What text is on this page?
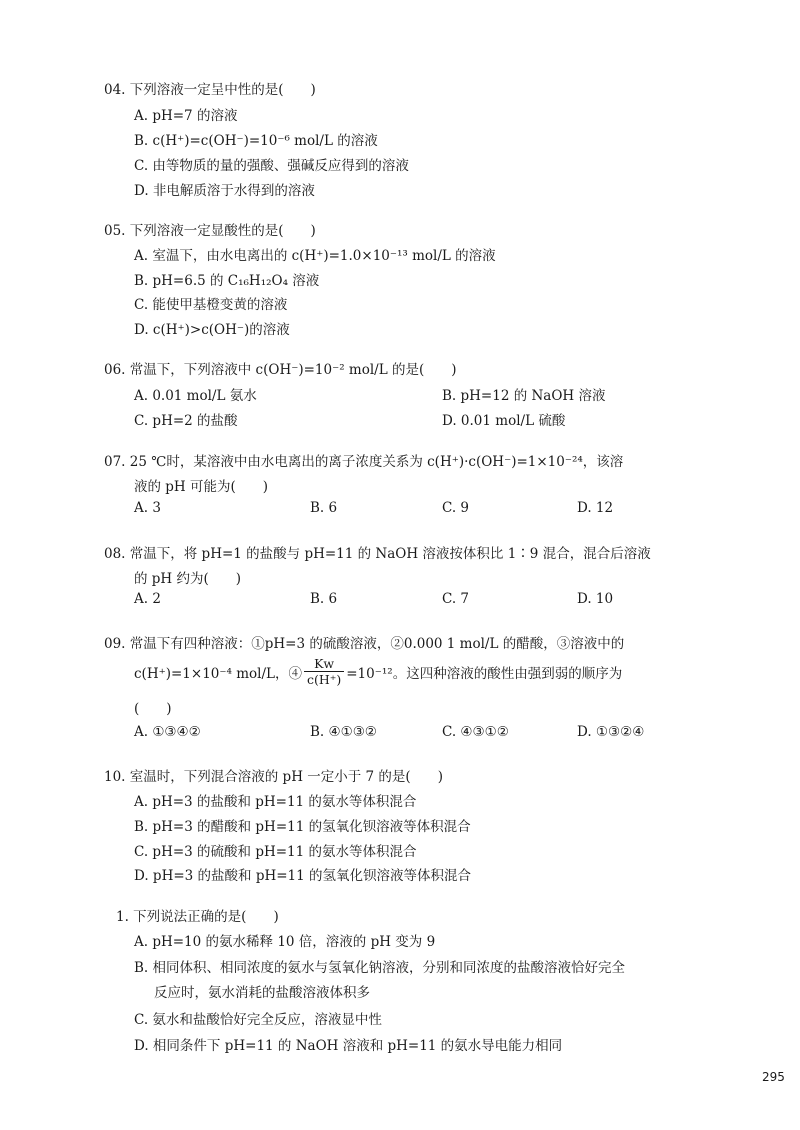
04. 下列溶液一定呈中性的是(　　)
A. pH=7 的溶液
B. c(H⁺)=c(OH⁻)=10⁻⁶ mol/L 的溶液
C. 由等物质的量的强酸、强碱反应得到的溶液
D. 非电解质溶于水得到的溶液
05. 下列溶液一定显酸性的是(　　)
A. 室温下，由水电离出的 c(H⁺)=1.0×10⁻¹³ mol/L 的溶液
B. pH=6.5 的 C₁₆H₁₂O₄ 溶液
C. 能使甲基橙变黄的溶液
D. c(H⁺)>c(OH⁻)的溶液
06. 常温下，下列溶液中 c(OH⁻)=10⁻² mol/L 的是(　　)
A. 0.01 mol/L 氨水	B. pH=12 的 NaOH 溶液
C. pH=2 的盐酸	D. 0.01 mol/L 硫酸
07. 25 ℃时，某溶液中由水电离出的离子浓度关系为 c(H⁺)·c(OH⁻)=1×10⁻²⁴，该溶
液的 pH 可能为(　　)
A. 3	B. 6	C. 9	D. 12
08. 常温下，将 pH=1 的盐酸与 pH=11 的 NaOH 溶液按体积比 1∶9 混合，混合后溶液
的 pH 约为(　　)
A. 2	B. 6	C. 7	D. 10
09. 常温下有四种溶液：①pH=3 的硫酸溶液，②0.000 1 mol/L 的醋酸，③溶液中的
c(H⁺)=1×10⁻⁴ mol/L，④ $\frac{Kw}{c(H^+)} =10^{-12}$。这四种溶液的酸性由强到弱的顺序为
(　　)
A. ①③④②	B. ④①③②	C. ④③①②	D. ①③②④
10. 室温时，下列混合溶液的 pH 一定小于 7 的是(　　)
A. pH=3 的盐酸和 pH=11 的氨水等体积混合
B. pH=3 的醋酸和 pH=11 的氢氧化钡溶液等体积混合
C. pH=3 的硫酸和 pH=11 的氨水等体积混合
D. pH=3 的盐酸和 pH=11 的氢氧化钡溶液等体积混合
1. 下列说法正确的是(　　)
A. pH=10 的氨水稀释 10 倍，溶液的 pH 变为 9
B. 相同体积、相同浓度的氨水与氢氧化钠溶液，分别和同浓度的盐酸溶液恰好完全
反应时，氨水消耗的盐酸溶液体积多
C. 氨水和盐酸恰好完全反应，溶液显中性
D. 相同条件下 pH=11 的 NaOH 溶液和 pH=11 的氨水导电能力相同
295
